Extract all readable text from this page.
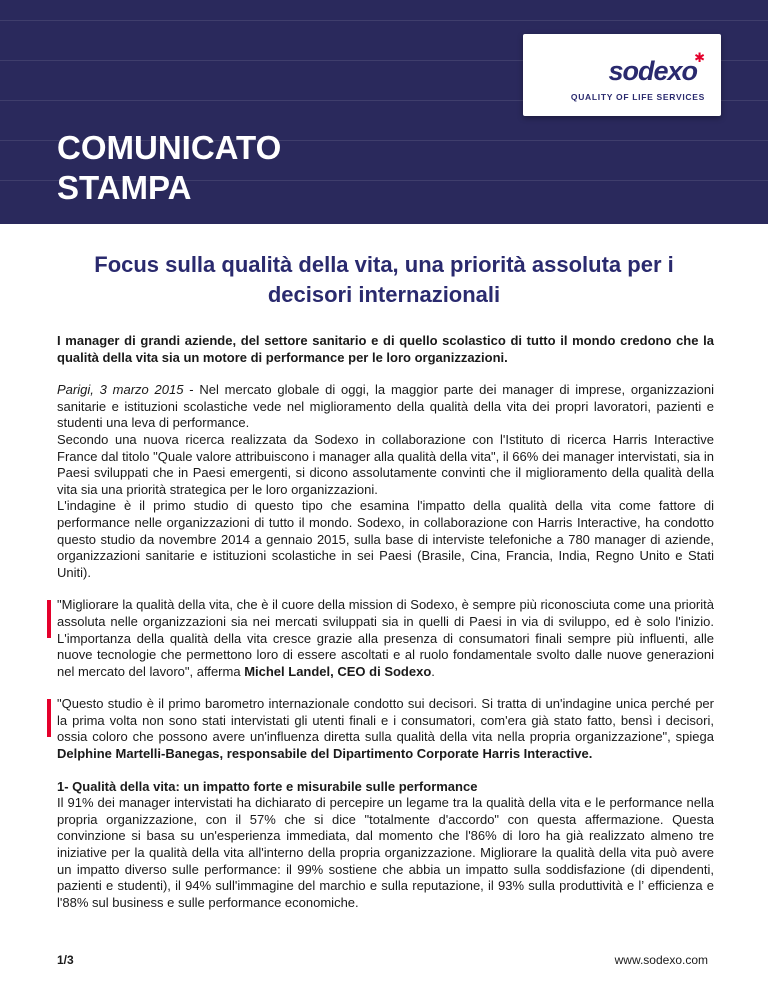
✱
sodexo
QUALITY OF LIFE SERVICES
COMUNICATO
STAMPA
Focus sulla qualità della vita, una priorità assoluta per i decisori internazionali

I manager di grandi aziende, del settore sanitario e di quello scolastico di tutto il mondo credono che la qualità della vita sia un motore di performance per le loro organizzazioni.

Parigi, 3 marzo 2015 - Nel mercato globale di oggi, la maggior parte dei manager di imprese, organizzazioni sanitarie e istituzioni scolastiche vede nel miglioramento della qualità della vita dei propri lavoratori, pazienti e studenti una leva di performance.

Secondo una nuova ricerca realizzata da Sodexo in collaborazione con l'Istituto di ricerca Harris Interactive France dal titolo "Quale valore attribuiscono i manager alla qualità della vita", il 66% dei manager intervistati, sia in Paesi sviluppati che in Paesi emergenti, si dicono assolutamente convinti che il miglioramento della qualità della vita sia una priorità strategica per le loro organizzazioni.

L'indagine è il primo studio di questo tipo che esamina l'impatto della qualità della vita come fattore di performance nelle organizzazioni di tutto il mondo. Sodexo, in collaborazione con Harris Interactive, ha condotto questo studio da novembre 2014 a gennaio 2015, sulla base di interviste telefoniche a 780 manager di aziende, organizzazioni sanitarie e istituzioni scolastiche in sei Paesi (Brasile, Cina, Francia, India, Regno Unito e Stati Uniti).

"Migliorare la qualità della vita, che è il cuore della mission di Sodexo, è sempre più riconosciuta come una priorità assoluta nelle organizzazioni sia nei mercati sviluppati sia in quelli di Paesi in via di sviluppo, ed è solo l'inizio. L'importanza della qualità della vita cresce grazie alla presenza di consumatori finali sempre più influenti, alle nuove tecnologie che permettono loro di essere ascoltati e al ruolo fondamentale svolto dalle nuove generazioni nel mercato del lavoro", afferma Michel Landel, CEO di Sodexo.

"Questo studio è il primo barometro internazionale condotto sui decisori. Si tratta di un'indagine unica perché per la prima volta non sono stati intervistati gli utenti finali e i consumatori, com'era già stato fatto, bensì i decisori, ossia coloro che possono avere un'influenza diretta sulla qualità della vita nella propria organizzazione", spiega Delphine Martelli-Banegas, responsabile del Dipartimento Corporate Harris Interactive.

1- Qualità della vita: un impatto forte e misurabile sulle performance

Il 91% dei manager intervistati ha dichiarato di percepire un legame tra la qualità della vita e le performance nella propria organizzazione, con il 57% che si dice "totalmente d'accordo" con questa affermazione. Questa convinzione si basa su un'esperienza immediata, dal momento che l'86% di loro ha già realizzato almeno tre iniziative per la qualità della vita all'interno della propria organizzazione. Migliorare la qualità della vita può avere un impatto diverso sulle performance: il 99% sostiene che abbia un impatto sulla soddisfazione (di dipendenti, pazienti e studenti), il 94% sull'immagine del marchio e sulla reputazione, il 93% sulla produttività e l’ efficienza e l'88% sul business e sulle performance economiche.

1/3	www.sodexo.com
